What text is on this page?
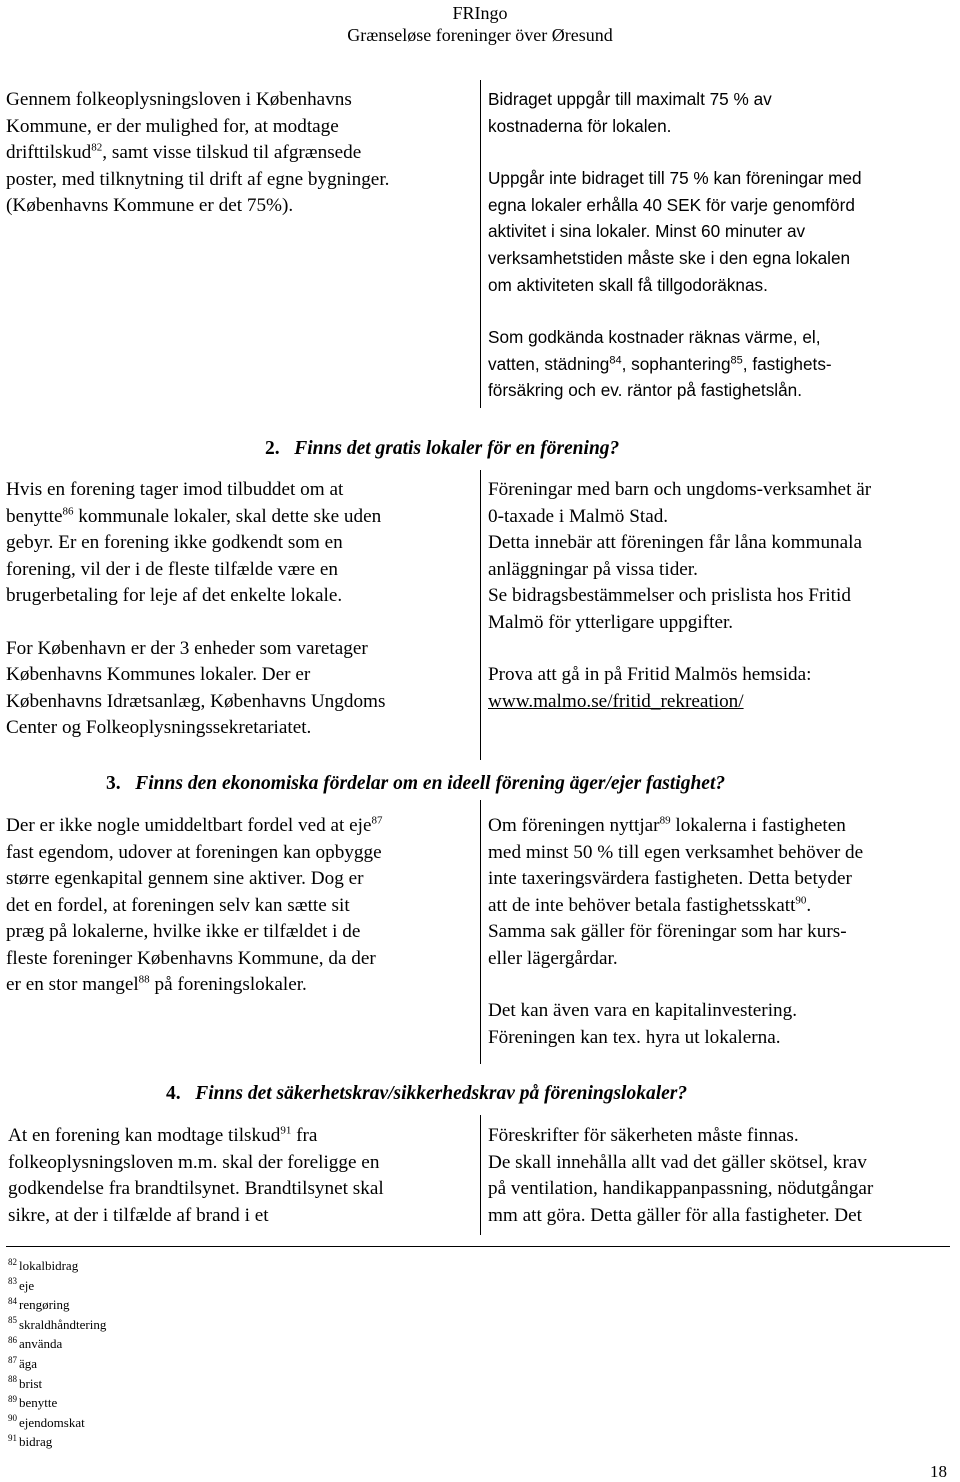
FRIngo
Grænseløse foreninger över Øresund
Gennem folkeoplysningsloven i Københavns
Kommune, er der mulighed for, at modtage
drifttilskud$^{82}$, samt visse tilskud til afgrænsede
poster, med tilknytning til drift af egne bygninger.
(Københavns Kommune er det 75%).
Bidraget uppgår till maximalt 75 % av
kostnaderna för lokalen.
Uppgår inte bidraget till 75 % kan föreningar med
egna lokaler erhålla 40 SEK för varje genomförd
aktivitet i sina lokaler. Minst 60 minuter av
verksamhetstiden måste ske i den egna lokalen
om aktiviteten skall få tillgodoräknas.
Som godkända kostnader räknas värme, el,
vatten, städning$^{84}$, sophantering$^{85}$, fastighets-
försäkring och ev. räntor på fastighetslån.
2. Finns det gratis lokaler för en förening?
Hvis en forening tager imod tilbuddet om at
benytte$^{86}$ kommunale lokaler, skal dette ske uden
gebyr. Er en forening ikke godkendt som en
forening, vil der i de fleste tilfælde være en
brugerbetaling for leje af det enkelte lokale.
For København er der 3 enheder som varetager
Københavns Kommunes lokaler. Der er
Københavns Idrætsanlæg, Københavns Ungdoms
Center og Folkeoplysningssekretariatet.
Föreningar med barn och ungdoms-verksamhet är
0-taxade i Malmö Stad.
Detta innebär att föreningen får låna kommunala
anläggningar på vissa tider.
Se bidragsbestämmelser och prislista hos Fritid
Malmö för ytterligare uppgifter.
Prova att gå in på Fritid Malmös hemsida:
www.malmo.se/fritid_rekreation/
3. Finns den ekonomiska fördelar om en ideell förening äger/ejer fastighet?
Der er ikke nogle umiddeltbart fordel ved at eje$^{87}$
fast egendom, udover at foreningen kan opbygge
større egenkapital gennem sine aktiver. Dog er
det en fordel, at foreningen selv kan sætte sit
præg på lokalerne, hvilke ikke er tilfældet i de
fleste foreninger Københavns Kommune, da der
er en stor mangel$^{88}$ på foreningslokaler.
Om föreningen nyttjar$^{89}$ lokalerna i fastigheten
med minst 50 % till egen verksamhet behöver de
inte taxeringsvärdera fastigheten. Detta betyder
att de inte behöver betala fastighetsskatt$^{90}$.
Samma sak gäller för föreningar som har kurs-
eller lägergårdar.
Det kan även vara en kapitalinvestering.
Föreningen kan tex. hyra ut lokalerna.
4. Finns det säkerhetskrav/sikkerhedskrav på föreningslokaler?
At en forening kan modtage tilskud$^{91}$ fra
folkeoplysningsloven m.m. skal der foreligge en
godkendelse fra brandtilsynet. Brandtilsynet skal
sikre, at der i tilfælde af brand i et
Föreskrifter för säkerheten måste finnas.
De skall innehålla allt vad det gäller skötsel, krav
på ventilation, handikappanpassning, nödutgångar
mm att göra. Detta gäller för alla fastigheter. Det
$^{82}$ lokalbidrag
$^{83}$ eje
$^{84}$ rengøring
$^{85}$ skraldhåndtering
$^{86}$ använda
$^{87}$ äga
$^{88}$ brist
$^{89}$ benytte
$^{90}$ ejendomskat
$^{91}$ bidrag
18
